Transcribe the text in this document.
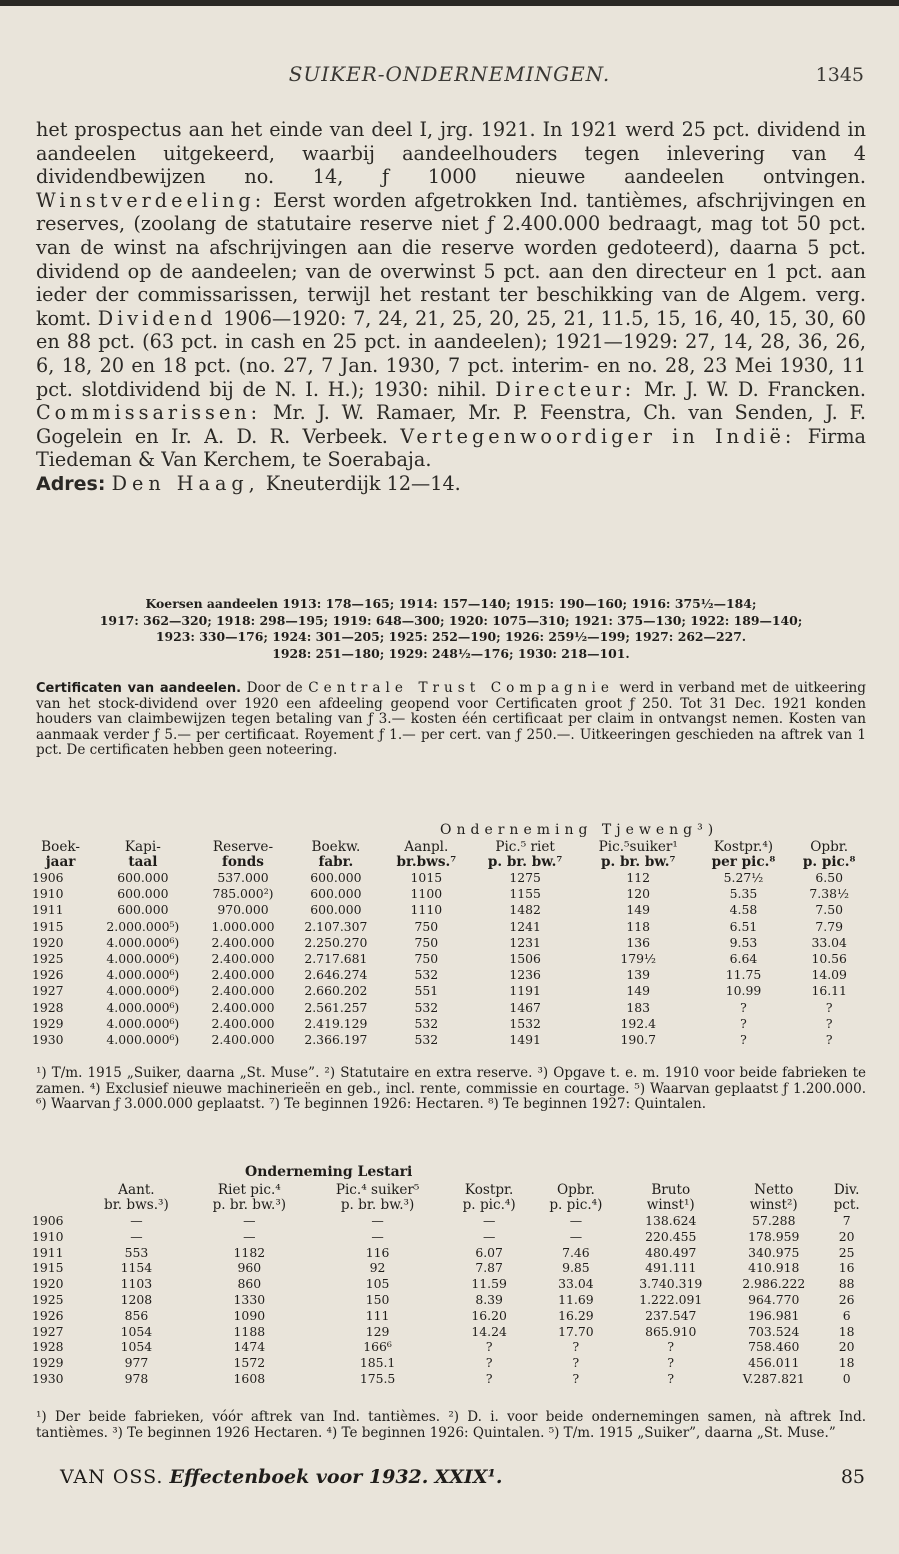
SUIKER-ONDERNEMINGEN.	1345
het prospectus aan het einde van deel I, jrg. 1921. In 1921 werd 25 pct. dividend in aandeelen uitgekeerd, waarbij aandeelhouders tegen inlevering van 4 dividendbewijzen no. 14, ƒ 1000 nieuwe aandeelen ontvingen. Winstverdeeling: Eerst worden afgetrokken Ind. tantièmes, afschrijvingen en reserves, (zoolang de statutaire reserve niet ƒ 2.400.000 bedraagt, mag tot 50 pct. van de winst na afschrijvingen aan die reserve worden gedoteerd), daarna 5 pct. dividend op de aandeelen; van de overwinst 5 pct. aan den directeur en 1 pct. aan ieder der commissarissen, terwijl het restant ter beschikking van de Algem. verg. komt. Dividend 1906—1920: 7, 24, 21, 25, 20, 25, 21, 11.5, 15, 16, 40, 15, 30, 60 en 88 pct. (63 pct. in cash en 25 pct. in aandeelen); 1921—1929: 27, 14, 28, 36, 26, 6, 18, 20 en 18 pct. (no. 27, 7 Jan. 1930, 7 pct. interim- en no. 28, 23 Mei 1930, 11 pct. slotdividend bij de N. I. H.); 1930: nihil. Directeur: Mr. J. W. D. Francken. Commissarissen: Mr. J. W. Ramaer, Mr. P. Feenstra, Ch. van Senden, J. F. Gogelein en Ir. A. D. R. Verbeek. Vertegenwoordiger in Indië: Firma Tiedeman & Van Kerchem, te Soerabaja.
Adres: Den Haag, Kneuterdijk 12—14.
Koersen aandeelen 1913: 178—165; 1914: 157—140; 1915: 190—160; 1916: 375½—184;
1917: 362—320; 1918: 298—195; 1919: 648—300; 1920: 1075—310; 1921: 375—130; 1922: 189—140;
1923: 330—176; 1924: 301—205; 1925: 252—190; 1926: 259½—199; 1927: 262—227.
1928: 251—180; 1929: 248½—176; 1930: 218—101.
Certificaten van aandeelen. Door de Centrale Trust Compagnie werd in verband met de uitkeering van het stock-dividend over 1920 een afdeeling geopend voor Certificaten groot ƒ 250. Tot 31 Dec. 1921 konden houders van claimbewijzen tegen betaling van ƒ 3.— kosten één certificaat per claim in ontvangst nemen. Kosten van aanmaak verder ƒ 5.— per certificaat. Royement ƒ 1.— per cert. van ƒ 250.—. Uitkeeringen geschieden na aftrek van 1 pct. De certificaten hebben geen noteering.
Onderneming Tjeweng³)
Boek-	Kapi-	Reserve-	Boekw.	Aanpl.	Pic.⁵ riet	Pic.⁵suiker¹	Kostpr.⁴)	Opbr.
jaar	taal	fonds	fabr.	br.bws.⁷	p. br. bw.⁷	p. br. bw.⁷	per pic.⁸	p. pic.⁸
1906	600.000	537.000	600.000	1015	1275	112	5.27½	6.50
1910	600.000	785.000²)	600.000	1100	1155	120	5.35	7.38½
1911	600.000	970.000	600.000	1110	1482	149	4.58	7.50
1915	2.000.000⁵)	1.000.000	2.107.307	750	1241	118	6.51	7.79
1920	4.000.000⁶)	2.400.000	2.250.270	750	1231	136	9.53	33.04
1925	4.000.000⁶)	2.400.000	2.717.681	750	1506	179½	6.64	10.56
1926	4.000.000⁶)	2.400.000	2.646.274	532	1236	139	11.75	14.09
1927	4.000.000⁶)	2.400.000	2.660.202	551	1191	149	10.99	16.11
1928	4.000.000⁶)	2.400.000	2.561.257	532	1467	183	?	?
1929	4.000.000⁶)	2.400.000	2.419.129	532	1532	192.4	?	?
1930	4.000.000⁶)	2.400.000	2.366.197	532	1491	190.7	?	?
¹) T/m. 1915 „Suiker, daarna „St. Muse”. ²) Statutaire en extra reserve. ³) Opgave t. e. m. 1910 voor beide fabrieken te zamen. ⁴) Exclusief nieuwe machinerieën en geb., incl. rente, commissie en courtage. ⁵) Waarvan geplaatst ƒ 1.200.000. ⁶) Waarvan ƒ 3.000.000 geplaatst. ⁷) Te beginnen 1926: Hectaren. ⁸) Te beginnen 1927: Quintalen.
Onderneming Lestari
	Aant.	Riet pic.⁴	Pic.⁴ suiker⁵	Kostpr.	Opbr.	Bruto	Netto	Div.
	br. bws.³)	p. br. bw.³)	p. br. bw.³)	p. pic.⁴)	p. pic.⁴)	winst¹)	winst²)	pct.
1906	—	—	—	—	—	138.624	57.288	7
1910	—	—	—	—	—	220.455	178.959	20
1911	553	1182	116	6.07	7.46	480.497	340.975	25
1915	1154	960	92	7.87	9.85	491.111	410.918	16
1920	1103	860	105	11.59	33.04	3.740.319	2.986.222	88
1925	1208	1330	150	8.39	11.69	1.222.091	964.770	26
1926	856	1090	111	16.20	16.29	237.547	196.981	6
1927	1054	1188	129	14.24	17.70	865.910	703.524	18
1928	1054	1474	166⁶	?	?	?	758.460	20
1929	977	1572	185.1	?	?	?	456.011	18
1930	978	1608	175.5	?	?	?	V.287.821	0
¹) Der beide fabrieken, vóór aftrek van Ind. tantièmes. ²) D. i. voor beide ondernemingen samen, nà aftrek Ind. tantièmes. ³) Te beginnen 1926 Hectaren. ⁴) Te beginnen 1926: Quintalen. ⁵) T/m. 1915 „Suiker”, daarna „St. Muse.”
VAN OSS. Effectenboek voor 1932. XXIX¹.	85
